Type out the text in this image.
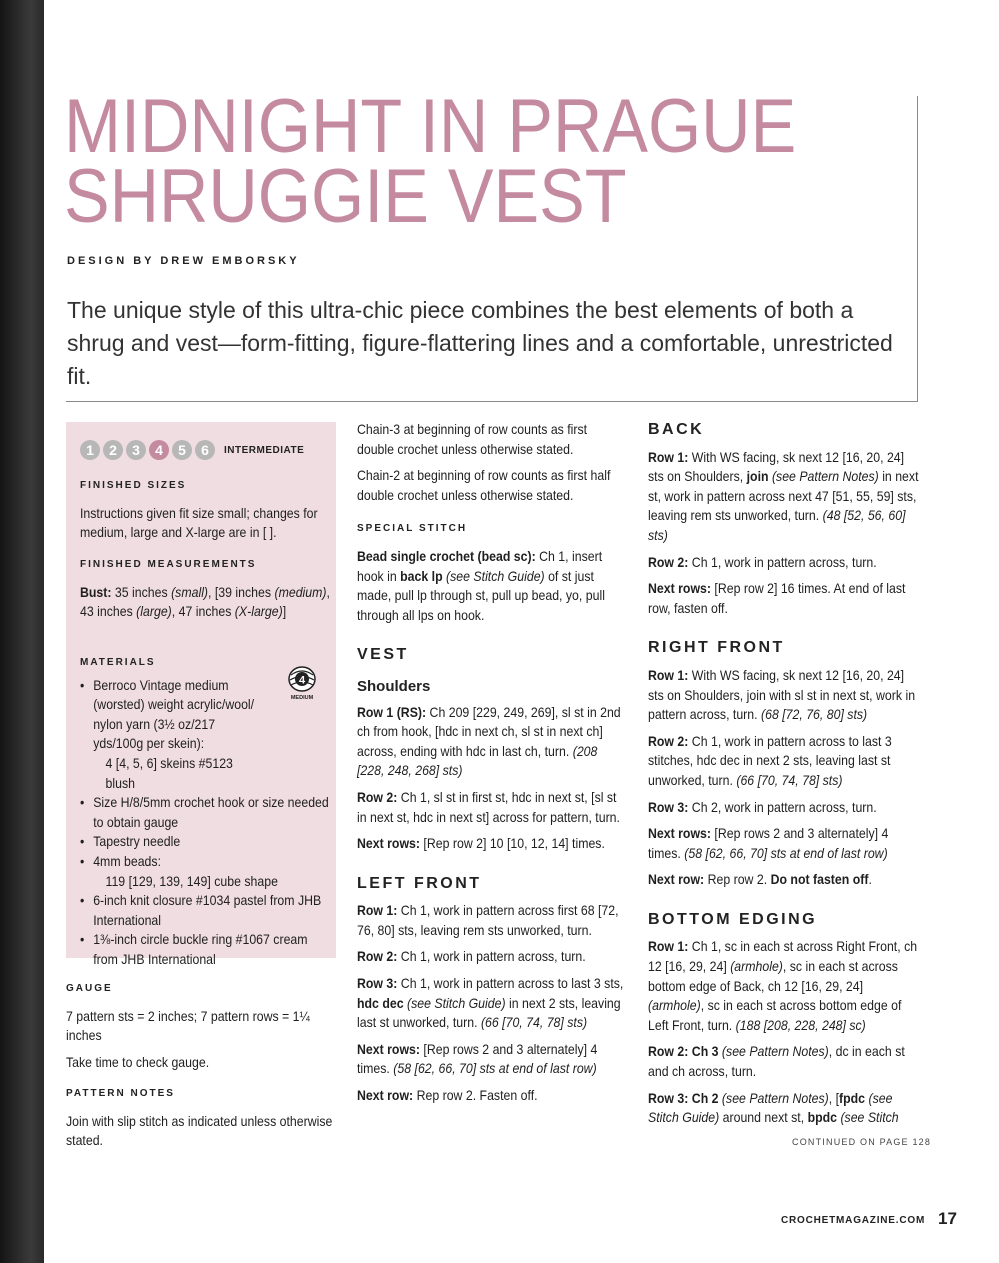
MIDNIGHT IN PRAGUE
SHRUGGIE VEST
DESIGN BY DREW EMBORSKY
The unique style of this ultra-chic piece combines the best elements of both a shrug and vest—form-fitting, figure-flattering lines and a comfortable, unrestricted fit.
1	2	3	4	5	6	INTERMEDIATE
FINISHED SIZES
Instructions given fit size small; changes for medium, large and X-large are in [ ].
FINISHED MEASUREMENTS
Bust: 35 inches (small), [39 inches (medium), 43 inches (large), 47 inches (X-large)]
MATERIALS
• Berroco Vintage medium (worsted) weight acrylic/wool/ nylon yarn (3½ oz/217 yds/100g per skein):
4 [4, 5, 6] skeins #5123 blush
• Size H/8/5mm crochet hook or size needed to obtain gauge
• Tapestry needle
• 4mm beads:
119 [129, 139, 149] cube shape
• 6-inch knit closure #1034 pastel from JHB International
• 1⅜-inch circle buckle ring #1067 cream from JHB International
4
MEDIUM
GAUGE

7 pattern sts = 2 inches; 7 pattern rows = 1¼ inches

Take time to check gauge.

PATTERN NOTES

Join with slip stitch as indicated unless otherwise stated.

Chain-3 at beginning of row counts as first double crochet unless otherwise stated.

Chain-2 at beginning of row counts as first half double crochet unless otherwise stated.

SPECIAL STITCH

Bead single crochet (bead sc): Ch 1, insert hook in back lp (see Stitch Guide) of st just made, pull lp through st, pull up bead, yo, pull through all lps on hook.

VEST
Shoulders

Row 1 (RS): Ch 209 [229, 249, 269], sl st in 2nd ch from hook, [hdc in next ch, sl st in next ch] across, ending with hdc in last ch, turn. (208 [228, 248, 268] sts)

Row 2: Ch 1, sl st in first st, hdc in next st, [sl st in next st, hdc in next st] across for pattern, turn.

Next rows: [Rep row 2] 10 [10, 12, 14] times.

LEFT FRONT

Row 1: Ch 1, work in pattern across first 68 [72, 76, 80] sts, leaving rem sts unworked, turn.

Row 2: Ch 1, work in pattern across, turn.

Row 3: Ch 1, work in pattern across to last 3 sts, hdc dec (see Stitch Guide) in next 2 sts, leaving last st unworked, turn. (66 [70, 74, 78] sts)

Next rows: [Rep rows 2 and 3 alternately] 4 times. (58 [62, 66, 70] sts at end of last row)

Next row: Rep row 2. Fasten off.

BACK

Row 1: With WS facing, sk next 12 [16, 20, 24] sts on Shoulders, join (see Pattern Notes) in next st, work in pattern across next 47 [51, 55, 59] sts, leaving rem sts unworked, turn. (48 [52, 56, 60] sts)

Row 2: Ch 1, work in pattern across, turn.

Next rows: [Rep row 2] 16 times. At end of last row, fasten off.

RIGHT FRONT

Row 1: With WS facing, sk next 12 [16, 20, 24] sts on Shoulders, join with sl st in next st, work in pattern across, turn. (68 [72, 76, 80] sts)

Row 2: Ch 1, work in pattern across to last 3 stitches, hdc dec in next 2 sts, leaving last st unworked, turn. (66 [70, 74, 78] sts)

Row 3: Ch 2, work in pattern across, turn.

Next rows: [Rep rows 2 and 3 alternately] 4 times. (58 [62, 66, 70] sts at end of last row)

Next row: Rep row 2. Do not fasten off.

BOTTOM EDGING

Row 1: Ch 1, sc in each st across Right Front, ch 12 [16, 29, 24] (armhole), sc in each st across bottom edge of Back, ch 12 [16, 29, 24] (armhole), sc in each st across bottom edge of Left Front, turn. (188 [208, 228, 248] sc)

Row 2: Ch 3 (see Pattern Notes), dc in each st and ch across, turn.

Row 3: Ch 2 (see Pattern Notes), [fpdc (see Stitch Guide) around next st, bpdc (see Stitch

CONTINUED ON PAGE 128
CROCHETMAGAZINE.COM 17
